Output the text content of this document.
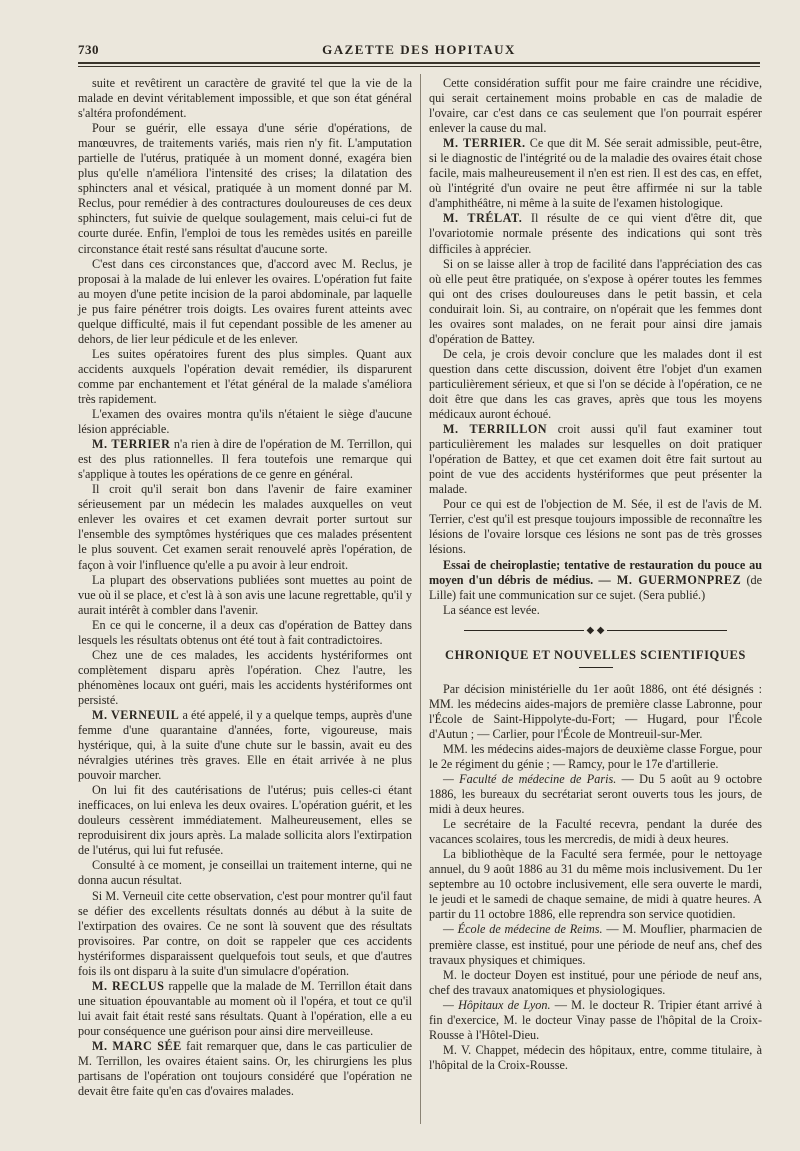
730	GAZETTE DES HOPITAUX

suite et revêtirent un caractère de gravité tel que la vie de la malade en devint véritablement impossible, et que son état général s'altéra profondément.

Pour se guérir, elle essaya d'une série d'opérations, de manœuvres, de traitements variés, mais rien n'y fit. L'amputation partielle de l'utérus, pratiquée à un moment donné, exagéra bien plus qu'elle n'améliora l'intensité des crises; la dilatation des sphincters anal et vésical, pratiquée à un moment donné par M. Reclus, pour remédier à des contractures douloureuses de ces deux sphincters, fut suivie de quelque soulagement, mais celui-ci fut de courte durée. Enfin, l'emploi de tous les remèdes usités en pareille circonstance était resté sans résultat d'aucune sorte.

C'est dans ces circonstances que, d'accord avec M. Reclus, je proposai à la malade de lui enlever les ovaires. L'opération fut faite au moyen d'une petite incision de la paroi abdominale, par laquelle je pus faire pénétrer trois doigts. Les ovaires furent atteints avec quelque difficulté, mais il fut cependant possible de les amener au dehors, de lier leur pédicule et de les enlever.

Les suites opératoires furent des plus simples. Quant aux accidents auxquels l'opération devait remédier, ils disparurent comme par enchantement et l'état général de la malade s'améliora très rapidement.

L'examen des ovaires montra qu'ils n'étaient le siège d'aucune lésion appréciable.

M. TERRIER n'a rien à dire de l'opération de M. Terrillon, qui est des plus rationnelles. Il fera toutefois une remarque qui s'applique à toutes les opérations de ce genre en général.

Il croit qu'il serait bon dans l'avenir de faire examiner sérieusement par un médecin les malades auxquelles on veut enlever les ovaires et cet examen devrait porter surtout sur l'ensemble des symptômes hystériques que ces malades présentent le plus souvent. Cet examen serait renouvelé après l'opération, de façon à voir l'influence qu'elle a pu avoir à leur endroit.

La plupart des observations publiées sont muettes au point de vue où il se place, et c'est là à son avis une lacune regrettable, qu'il y aurait intérêt à combler dans l'avenir.

En ce qui le concerne, il a deux cas d'opération de Battey dans lesquels les résultats obtenus ont été tout à fait contradictoires.

Chez une de ces malades, les accidents hystériformes ont complètement disparu après l'opération. Chez l'autre, les phénomènes locaux ont guéri, mais les accidents hystériformes ont persisté.

M. VERNEUIL a été appelé, il y a quelque temps, auprès d'une femme d'une quarantaine d'années, forte, vigoureuse, mais hystérique, qui, à la suite d'une chute sur le bassin, avait eu des névralgies utérines très graves. Elle en était arrivée à ne plus pouvoir marcher.

On lui fit des cautérisations de l'utérus; puis celles-ci étant inefficaces, on lui enleva les deux ovaires. L'opération guérit, et les douleurs cessèrent immédiatement. Malheureusement, elles se reproduisirent dix jours après. La malade sollicita alors l'extirpation de l'utérus, qui lui fut refusée.

Consulté à ce moment, je conseillai un traitement interne, qui ne donna aucun résultat.

Si M. Verneuil cite cette observation, c'est pour montrer qu'il faut se défier des excellents résultats donnés au début à la suite de l'extirpation des ovaires. Ce ne sont là souvent que des résultats provisoires. Par contre, on doit se rappeler que ces accidents hystériformes disparaissent quelquefois tout seuls, et que d'autres fois ils ont disparu à la suite d'un simulacre d'opération.

M. RECLUS rappelle que la malade de M. Terrillon était dans une situation épouvantable au moment où il l'opéra, et tout ce qu'il lui avait fait était resté sans résultats. Quant à l'opération, elle a eu pour conséquence une guérison pour ainsi dire merveilleuse.

M. MARC SÉE fait remarquer que, dans le cas particulier de M. Terrillon, les ovaires étaient sains. Or, les chirurgiens les plus partisans de l'opération ont toujours considéré que l'opération ne devait être faite qu'en cas d'ovaires malades.

Cette considération suffit pour me faire craindre une récidive, qui serait certainement moins probable en cas de maladie de l'ovaire, car c'est dans ce cas seulement que l'on pourrait espérer enlever la cause du mal.

M. TERRIER. Ce que dit M. Sée serait admissible, peut-être, si le diagnostic de l'intégrité ou de la maladie des ovaires était chose facile, mais malheureusement il n'en est rien. Il est des cas, en effet, où l'intégrité d'un ovaire ne peut être affirmée ni sur la table d'amphithéâtre, ni même à la suite de l'examen histologique.

M. TRÉLAT. Il résulte de ce qui vient d'être dit, que l'ovariotomie normale présente des indications qui sont très difficiles à apprécier.

Si on se laisse aller à trop de facilité dans l'appréciation des cas où elle peut être pratiquée, on s'expose à opérer toutes les femmes qui ont des crises douloureuses dans le petit bassin, et cela conduirait loin. Si, au contraire, on n'opérait que les femmes dont les ovaires sont malades, on ne ferait pour ainsi dire jamais d'opération de Battey.

De cela, je crois devoir conclure que les malades dont il est question dans cette discussion, doivent être l'objet d'un examen particulièrement sérieux, et que si l'on se décide à l'opération, ce ne doit être que dans les cas graves, après que tous les moyens médicaux auront échoué.

M. TERRILLON croit aussi qu'il faut examiner tout particulièrement les malades sur lesquelles on doit pratiquer l'opération de Battey, et que cet examen doit être fait surtout au point de vue des accidents hystériformes que peut présenter la malade.

Pour ce qui est de l'objection de M. Sée, il est de l'avis de M. Terrier, c'est qu'il est presque toujours impossible de reconnaître les lésions de l'ovaire lorsque ces lésions ne sont pas de très grosses lésions.

Essai de cheiroplastie; tentative de restauration du pouce au moyen d'un débris de médius. — M. GUERMONPREZ (de Lille) fait une communication sur ce sujet. (Sera publié.)

La séance est levée.

◆ ◆

CHRONIQUE ET NOUVELLES SCIENTIFIQUES

Par décision ministérielle du 1er août 1886, ont été désignés : MM. les médecins aides-majors de première classe Labronne, pour l'École de Saint-Hippolyte-du-Fort; — Hugard, pour l'École d'Autun ; — Carlier, pour l'École de Montreuil-sur-Mer.

MM. les médecins aides-majors de deuxième classe Forgue, pour le 2e régiment du génie ; — Ramcy, pour le 17e d'artillerie.

— Faculté de médecine de Paris. — Du 5 août au 9 octobre 1886, les bureaux du secrétariat seront ouverts tous les jours, de midi à deux heures.

Le secrétaire de la Faculté recevra, pendant la durée des vacances scolaires, tous les mercredis, de midi à deux heures.

La bibliothèque de la Faculté sera fermée, pour le nettoyage annuel, du 9 août 1886 au 31 du même mois inclusivement. Du 1er septembre au 10 octobre inclusivement, elle sera ouverte le mardi, le jeudi et le samedi de chaque semaine, de midi à quatre heures. A partir du 11 octobre 1886, elle reprendra son service quotidien.

— École de médecine de Reims. — M. Mouflier, pharmacien de première classe, est institué, pour une période de neuf ans, chef des travaux physiques et chimiques.

M. le docteur Doyen est institué, pour une période de neuf ans, chef des travaux anatomiques et physiologiques.

— Hôpitaux de Lyon. — M. le docteur R. Tripier étant arrivé à fin d'exercice, M. le docteur Vinay passe de l'hôpital de la Croix-Rousse à l'Hôtel-Dieu.

M. V. Chappet, médecin des hôpitaux, entre, comme titulaire, à l'hôpital de la Croix-Rousse.
